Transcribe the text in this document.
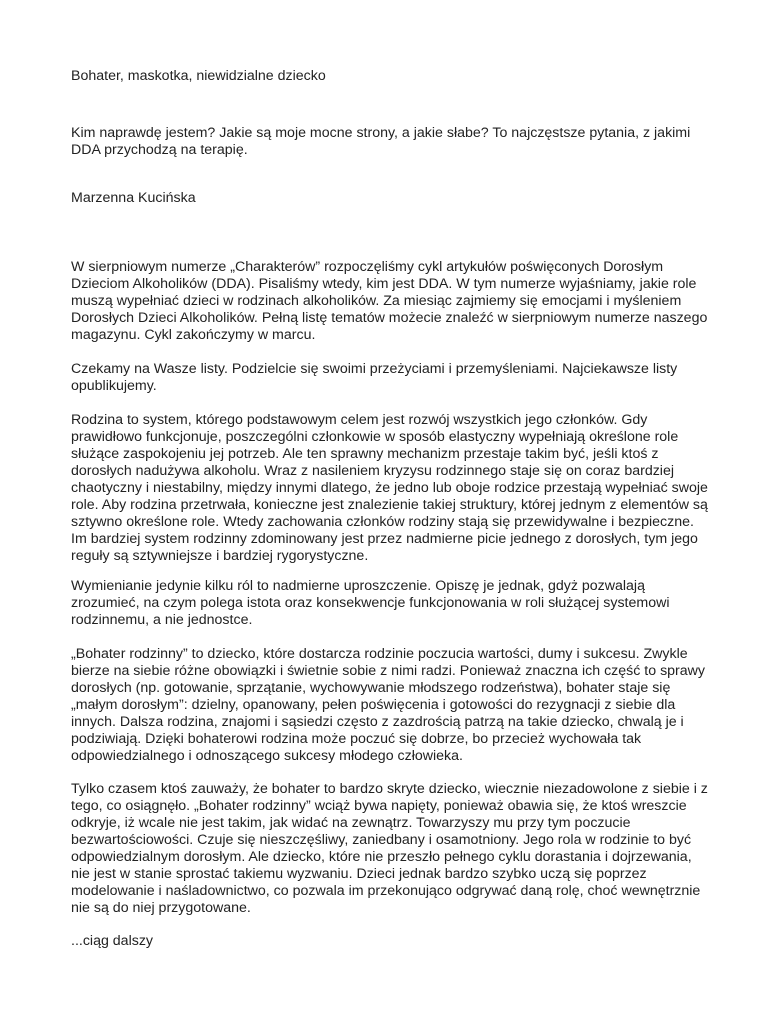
Bohater, maskotka, niewidzialne dziecko

Kim naprawdę jestem? Jakie są moje mocne strony, a jakie słabe? To najczęstsze pytania, z jakimi DDA przychodzą na terapię.

Marzenna Kucińska

W sierpniowym numerze „Charakterów” rozpoczęliśmy cykl artykułów poświęconych Dorosłym Dzieciom Alkoholików (DDA). Pisaliśmy wtedy, kim jest DDA. W tym numerze wyjaśniamy, jakie role muszą wypełniać dzieci w rodzinach alkoholików. Za miesiąc zajmiemy się emocjami i myśleniem Dorosłych Dzieci Alkoholików. Pełną listę tematów możecie znaleźć w sierpniowym numerze naszego magazynu. Cykl zakończymy w marcu.

Czekamy na Wasze listy. Podzielcie się swoimi przeżyciami i przemyśleniami. Najciekawsze listy opublikujemy.

Rodzina to system, którego podstawowym celem jest rozwój wszystkich jego członków. Gdy prawidłowo funkcjonuje, poszczególni członkowie w sposób elastyczny wypełniają określone role służące zaspokojeniu jej potrzeb. Ale ten sprawny mechanizm przestaje takim być, jeśli ktoś z dorosłych nadużywa alkoholu. Wraz z nasileniem kryzysu rodzinnego staje się on coraz bardziej chaotyczny i niestabilny, między innymi dlatego, że jedno lub oboje rodzice przestają wypełniać swoje role. Aby rodzina przetrwała, konieczne jest znalezienie takiej struktury, której jednym z elementów są sztywno określone role. Wtedy zachowania członków rodziny stają się przewidywalne i bezpieczne. Im bardziej system rodzinny zdominowany jest przez nadmierne picie jednego z dorosłych, tym jego reguły są sztywniejsze i bardziej rygorystyczne.

Wymienianie jedynie kilku ról to nadmierne uproszczenie. Opiszę je jednak, gdyż pozwalają zrozumieć, na czym polega istota oraz konsekwencje funkcjonowania w roli służącej systemowi rodzinnemu, a nie jednostce.

„Bohater rodzinny” to dziecko, które dostarcza rodzinie poczucia wartości, dumy i sukcesu. Zwykle bierze na siebie różne obowiązki i świetnie sobie z nimi radzi. Ponieważ znaczna ich część to sprawy dorosłych (np. gotowanie, sprzątanie, wychowywanie młodszego rodzeństwa), bohater staje się „małym dorosłym”: dzielny, opanowany, pełen poświęcenia i gotowości do rezygnacji z siebie dla innych. Dalsza rodzina, znajomi i sąsiedzi często z zazdrością patrzą na takie dziecko, chwalą je i podziwiają. Dzięki bohaterowi rodzina może poczuć się dobrze, bo przecież wychowała tak odpowiedzialnego i odnoszącego sukcesy młodego człowieka.

Tylko czasem ktoś zauważy, że bohater to bardzo skryte dziecko, wiecznie niezadowolone z siebie i z tego, co osiągnęło. „Bohater rodzinny” wciąż bywa napięty, ponieważ obawia się, że ktoś wreszcie odkryje, iż wcale nie jest takim, jak widać na zewnątrz. Towarzyszy mu przy tym poczucie bezwartościowości. Czuje się nieszczęśliwy, zaniedbany i osamotniony. Jego rola w rodzinie to być odpowiedzialnym dorosłym. Ale dziecko, które nie przeszło pełnego cyklu dorastania i dojrzewania, nie jest w stanie sprostać takiemu wyzwaniu. Dzieci jednak bardzo szybko uczą się poprzez modelowanie i naśladownictwo, co pozwala im przekonująco odgrywać daną rolę, choć wewnętrznie nie są do niej przygotowane.

...ciąg dalszy
